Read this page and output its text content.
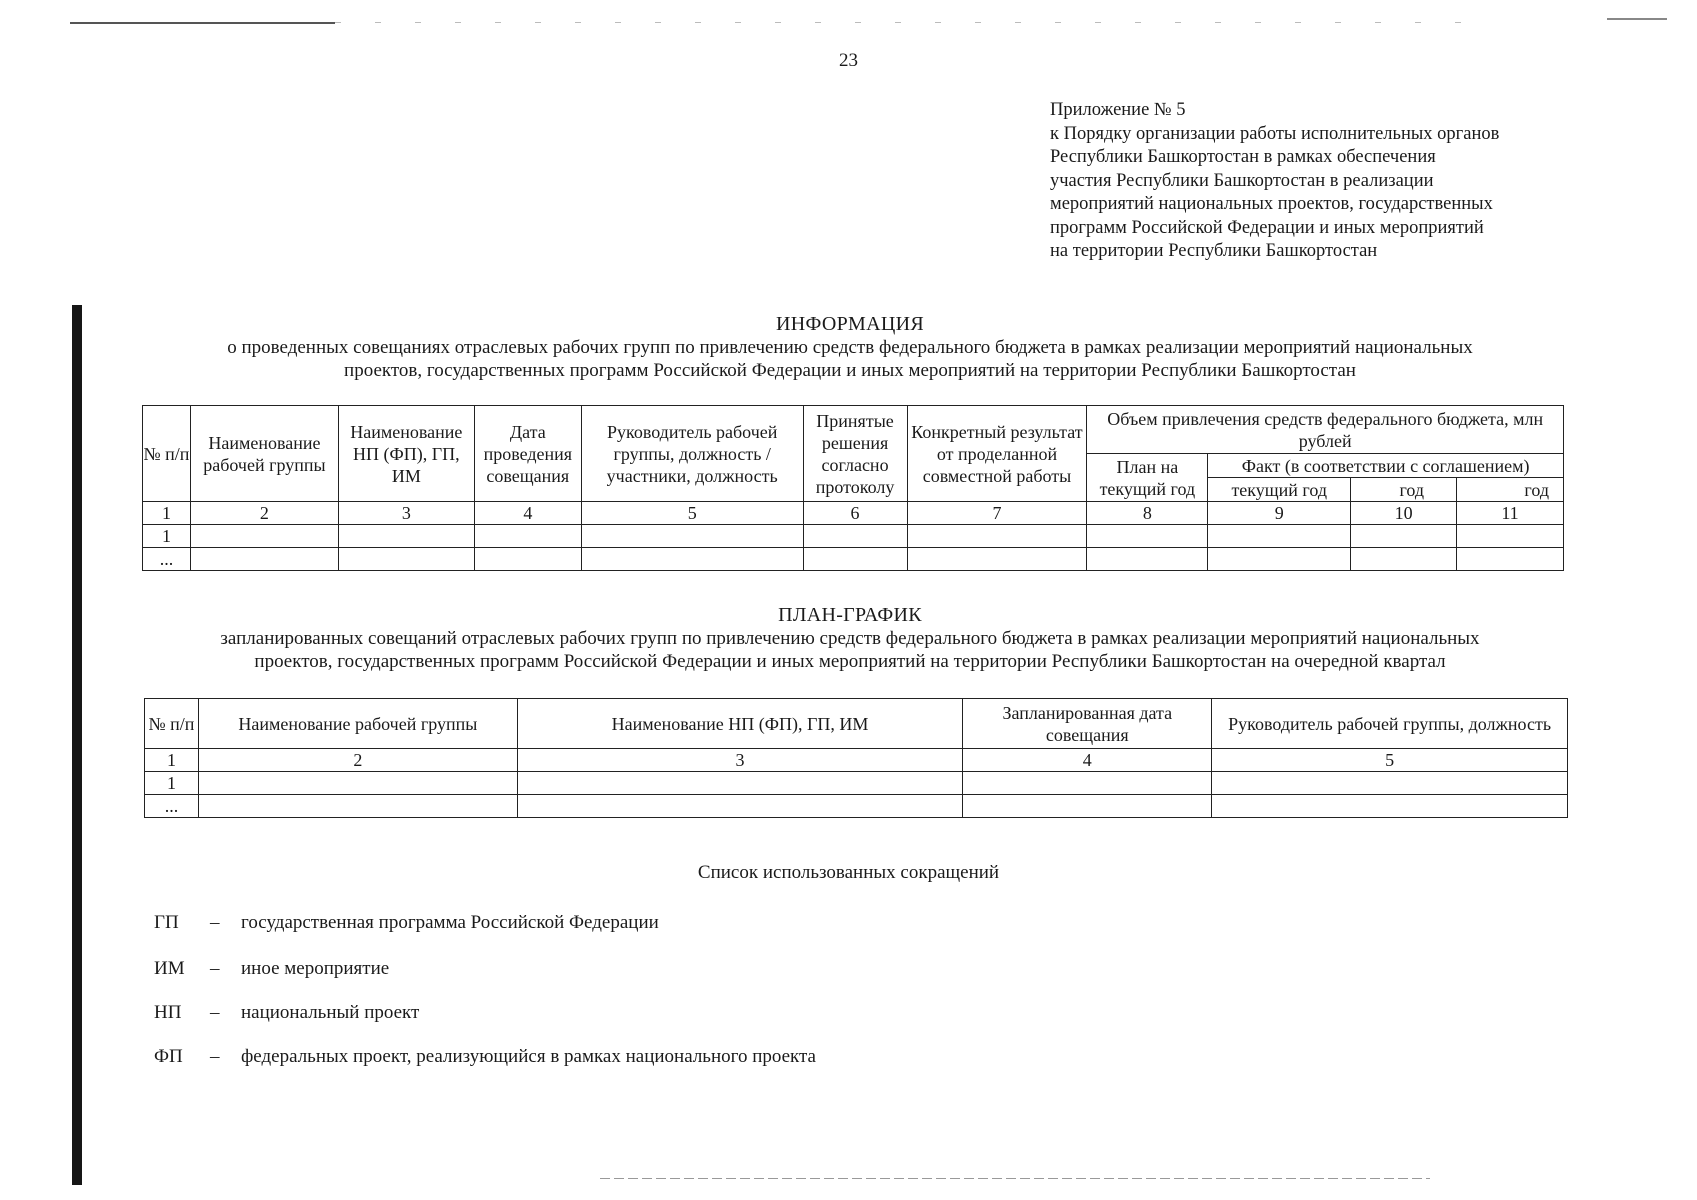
23
Приложение № 5
к Порядку организации работы исполнительных органов
Республики Башкортостан в рамках обеспечения
участия Республики Башкортостан в реализации
мероприятий национальных проектов, государственных
программ Российской Федерации и иных мероприятий
на территории Республики Башкортостан
ИНФОРМАЦИЯ
о проведенных совещаниях отраслевых рабочих групп по привлечению средств федерального бюджета в рамках реализации мероприятий национальных
проектов, государственных программ Российской Федерации и иных мероприятий на территории Республики Башкортостан
№ п/п	Наименование рабочей группы	Наименование НП (ФП), ГП, ИМ	Дата проведения совещания	Руководитель рабочей группы, должность / участники, должность	Принятые решения согласно протоколу	Конкретный результат от проделанной совместной работы	Объем привлечения средств федерального бюджета, млн рублей			
							План на текущий год	Факт (в соответствии с соглашением)		
								текущий год	год	год
1	2	3	4	5	6	7	8	9	10	11
1										
...										
ПЛАН-ГРАФИК
запланированных совещаний отраслевых рабочих групп по привлечению средств федерального бюджета в рамках реализации мероприятий национальных
проектов, государственных программ Российской Федерации и иных мероприятий на территории Республики Башкортостан на очередной квартал
№ п/п	Наименование рабочей группы	Наименование НП (ФП), ГП, ИМ	Запланированная дата совещания	Руководитель рабочей группы, должность
1	2	3	4	5
1				
...				
Список использованных сокращений
ГП – государственная программа Российской Федерации
ИМ – иное мероприятие
НП – национальный проект
ФП – федеральных проект, реализующийся в рамках национального проекта
